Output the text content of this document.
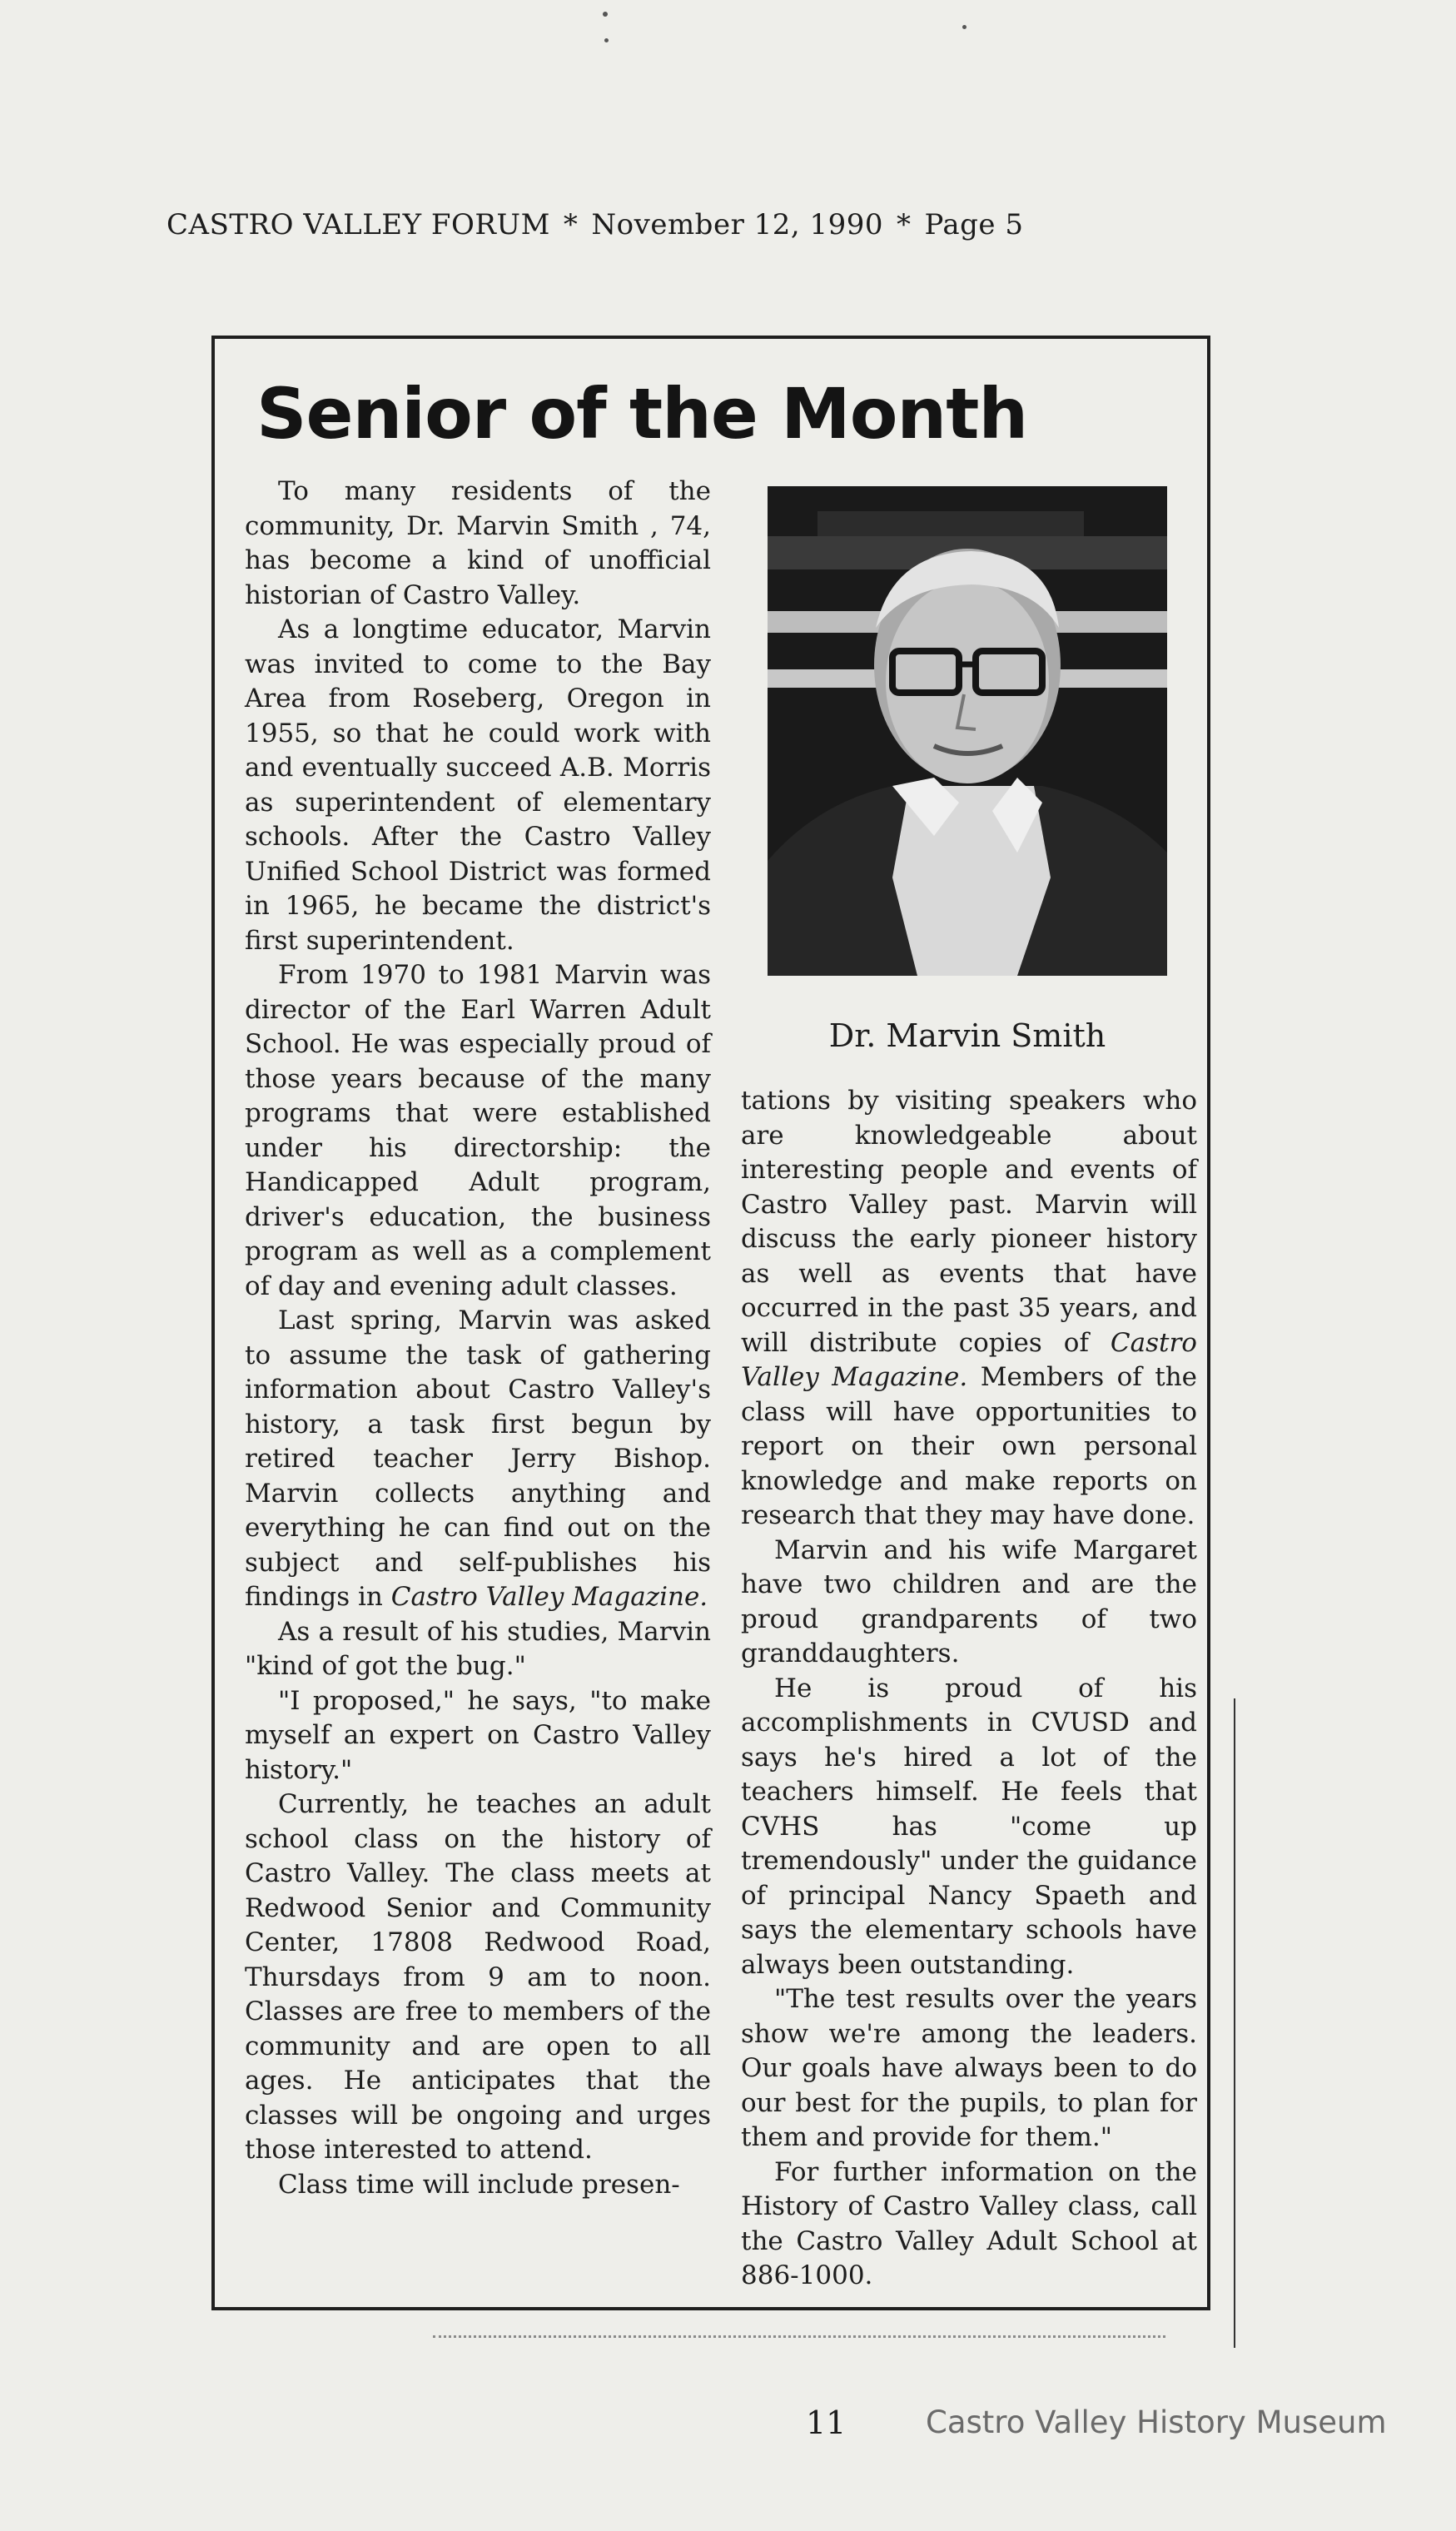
CASTRO VALLEY FORUM * November 12, 1990 * Page 5
Senior of the Month

To many residents of the community, Dr. Marvin Smith , 74, has become a kind of unofficial historian of Castro Valley.

As a longtime educator, Marvin was invited to come to the Bay Area from Roseberg, Oregon in 1955, so that he could work with and eventually succeed A.B. Morris as superintendent of elementary schools. After the Castro Valley Unified School District was formed in 1965, he became the district's first superintendent.

From 1970 to 1981 Marvin was director of the Earl Warren Adult School. He was especially proud of those years because of the many programs that were established under his directorship: the Handicapped Adult program, driver's education, the business program as well as a complement of day and evening adult classes.

Last spring, Marvin was asked to assume the task of gathering information about Castro Valley's history, a task first begun by retired teacher Jerry Bishop. Marvin collects anything and everything he can find out on the subject and self-publishes his findings in Castro Valley Magazine.

As a result of his studies, Marvin "kind of got the bug."

"I proposed," he says, "to make myself an expert on Castro Valley history."

Currently, he teaches an adult school class on the history of Castro Valley. The class meets at Redwood Senior and Community Center, 17808 Redwood Road, Thursdays from 9 am to noon. Classes are free to members of the community and are open to all ages. He anticipates that the classes will be ongoing and urges those interested to attend.

Class time will include presen-

Dr. Marvin Smith

tations by visiting speakers who are knowledgeable about interesting people and events of Castro Valley past. Marvin will discuss the early pioneer history as well as events that have occurred in the past 35 years, and will distribute copies of Castro Valley Magazine. Members of the class will have opportunities to report on their own personal knowledge and make reports on research that they may have done.

Marvin and his wife Margaret have two children and are the proud grandparents of two granddaughters.

He is proud of his accomplishments in CVUSD and says he's hired a lot of the teachers himself. He feels that CVHS has "come up tremendously" under the guidance of principal Nancy Spaeth and says the elementary schools have always been outstanding.

"The test results over the years show we're among the leaders. Our goals have always been to do our best for the pupils, to plan for them and provide for them."

For further information on the History of Castro Valley class, call the Castro Valley Adult School at 886-1000.

11	Castro Valley History Museum
